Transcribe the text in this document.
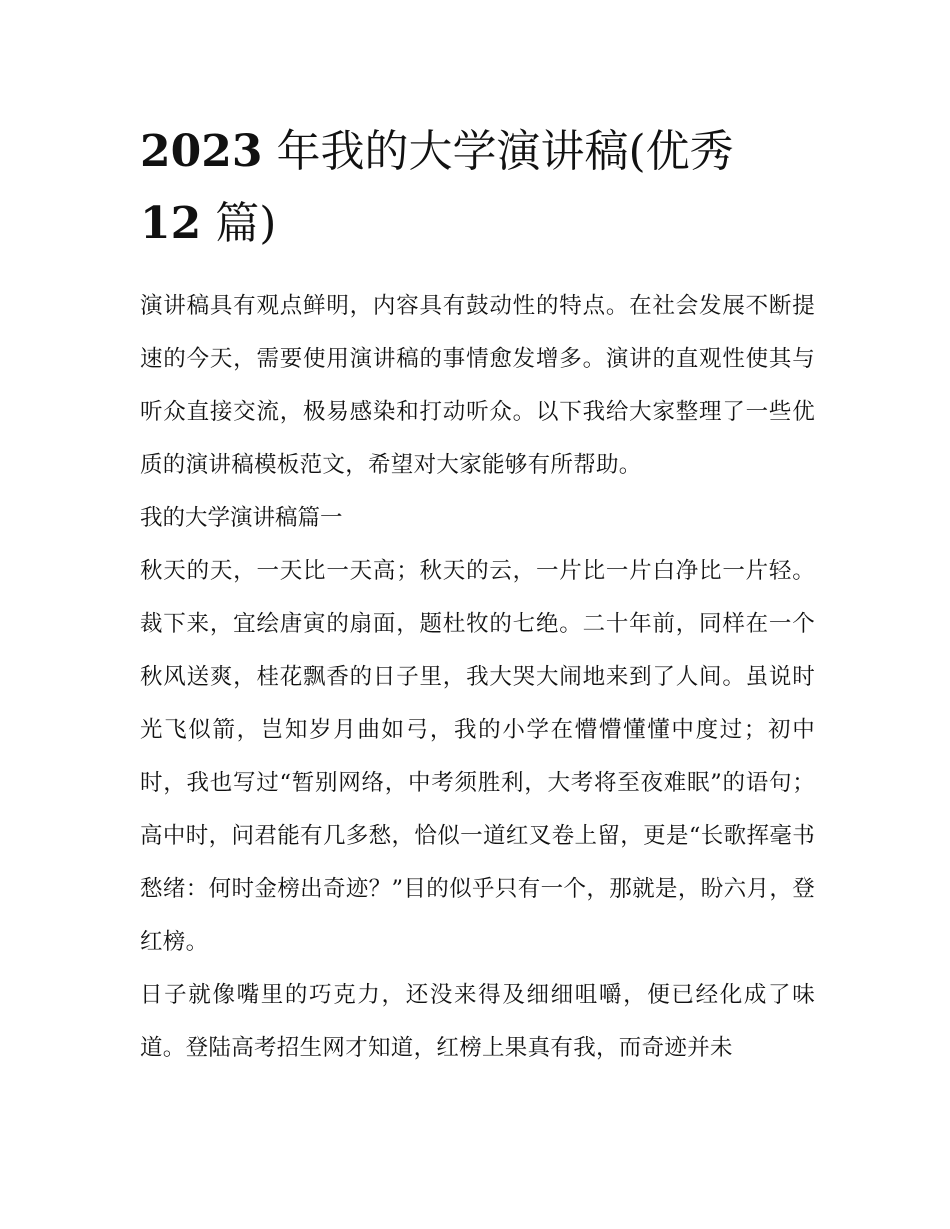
2023 年我的大学演讲稿(优秀 12 篇)

演讲稿具有观点鲜明，内容具有鼓动性的特点。在社会发展不断提速的今天，需要使用演讲稿的事情愈发增多。演讲的直观性使其与听众直接交流，极易感染和打动听众。以下我给大家整理了一些优质的演讲稿模板范文，希望对大家能够有所帮助。

我的大学演讲稿篇一

秋天的天，一天比一天高；秋天的云，一片比一片白净比一片轻。裁下来，宜绘唐寅的扇面，题杜牧的七绝。二十年前，同样在一个秋风送爽，桂花飘香的日子里，我大哭大闹地来到了人间。虽说时光飞似箭，岂知岁月曲如弓，我的小学在懵懵懂懂中度过；初中时，我也写过“暂别网络，中考须胜利，大考将至夜难眠”的语句；高中时，问君能有几多愁，恰似一道红叉卷上留，更是“长歌挥毫书愁绪：何时金榜出奇迹？”目的似乎只有一个，那就是，盼六月，登红榜。

日子就像嘴里的巧克力，还没来得及细细咀嚼，便已经化成了味道。登陆高考招生网才知道，红榜上果真有我，而奇迹并未
